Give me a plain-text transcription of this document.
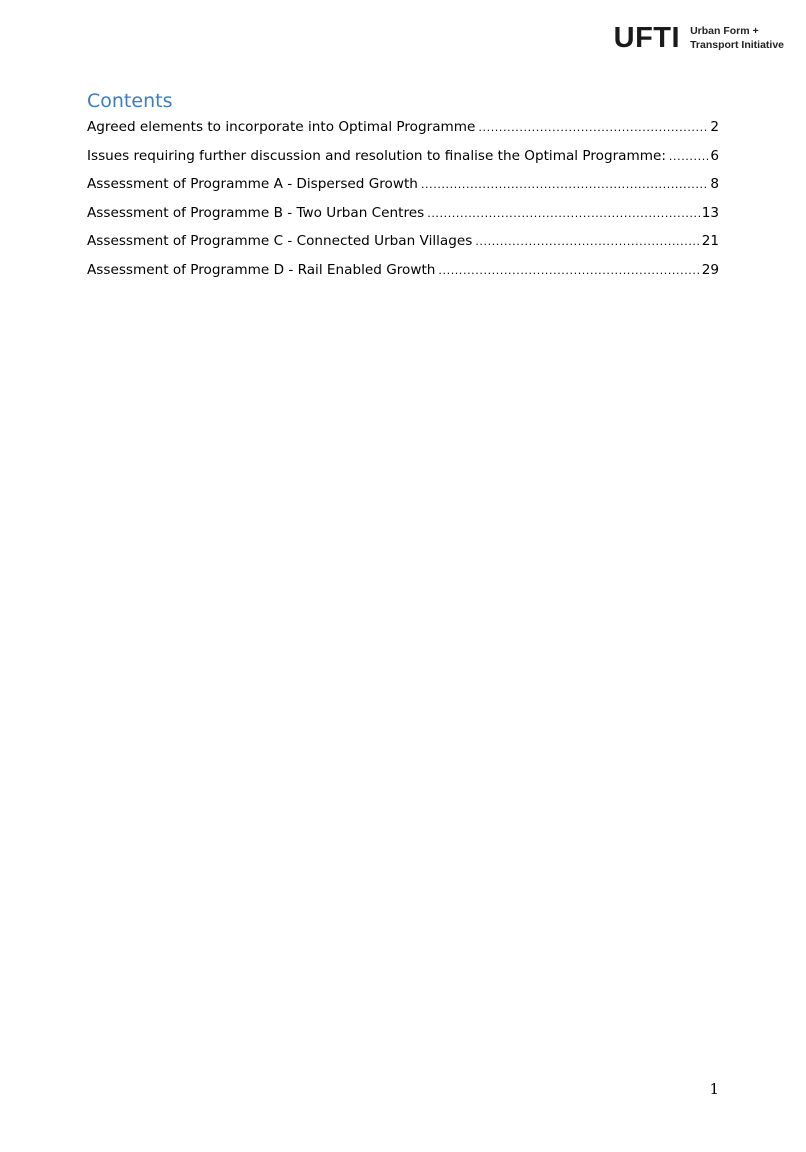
UFTI Urban Form +
Transport Initiative
Contents
Agreed elements to incorporate into Optimal Programme .....	2
Issues requiring further discussion and resolution to finalise the Optimal Programme: .....	6
Assessment of Programme A - Dispersed Growth .....	8
Assessment of Programme B - Two Urban Centres .....	13
Assessment of Programme C - Connected Urban Villages .....	21
Assessment of Programme D - Rail Enabled Growth .....	29
1
